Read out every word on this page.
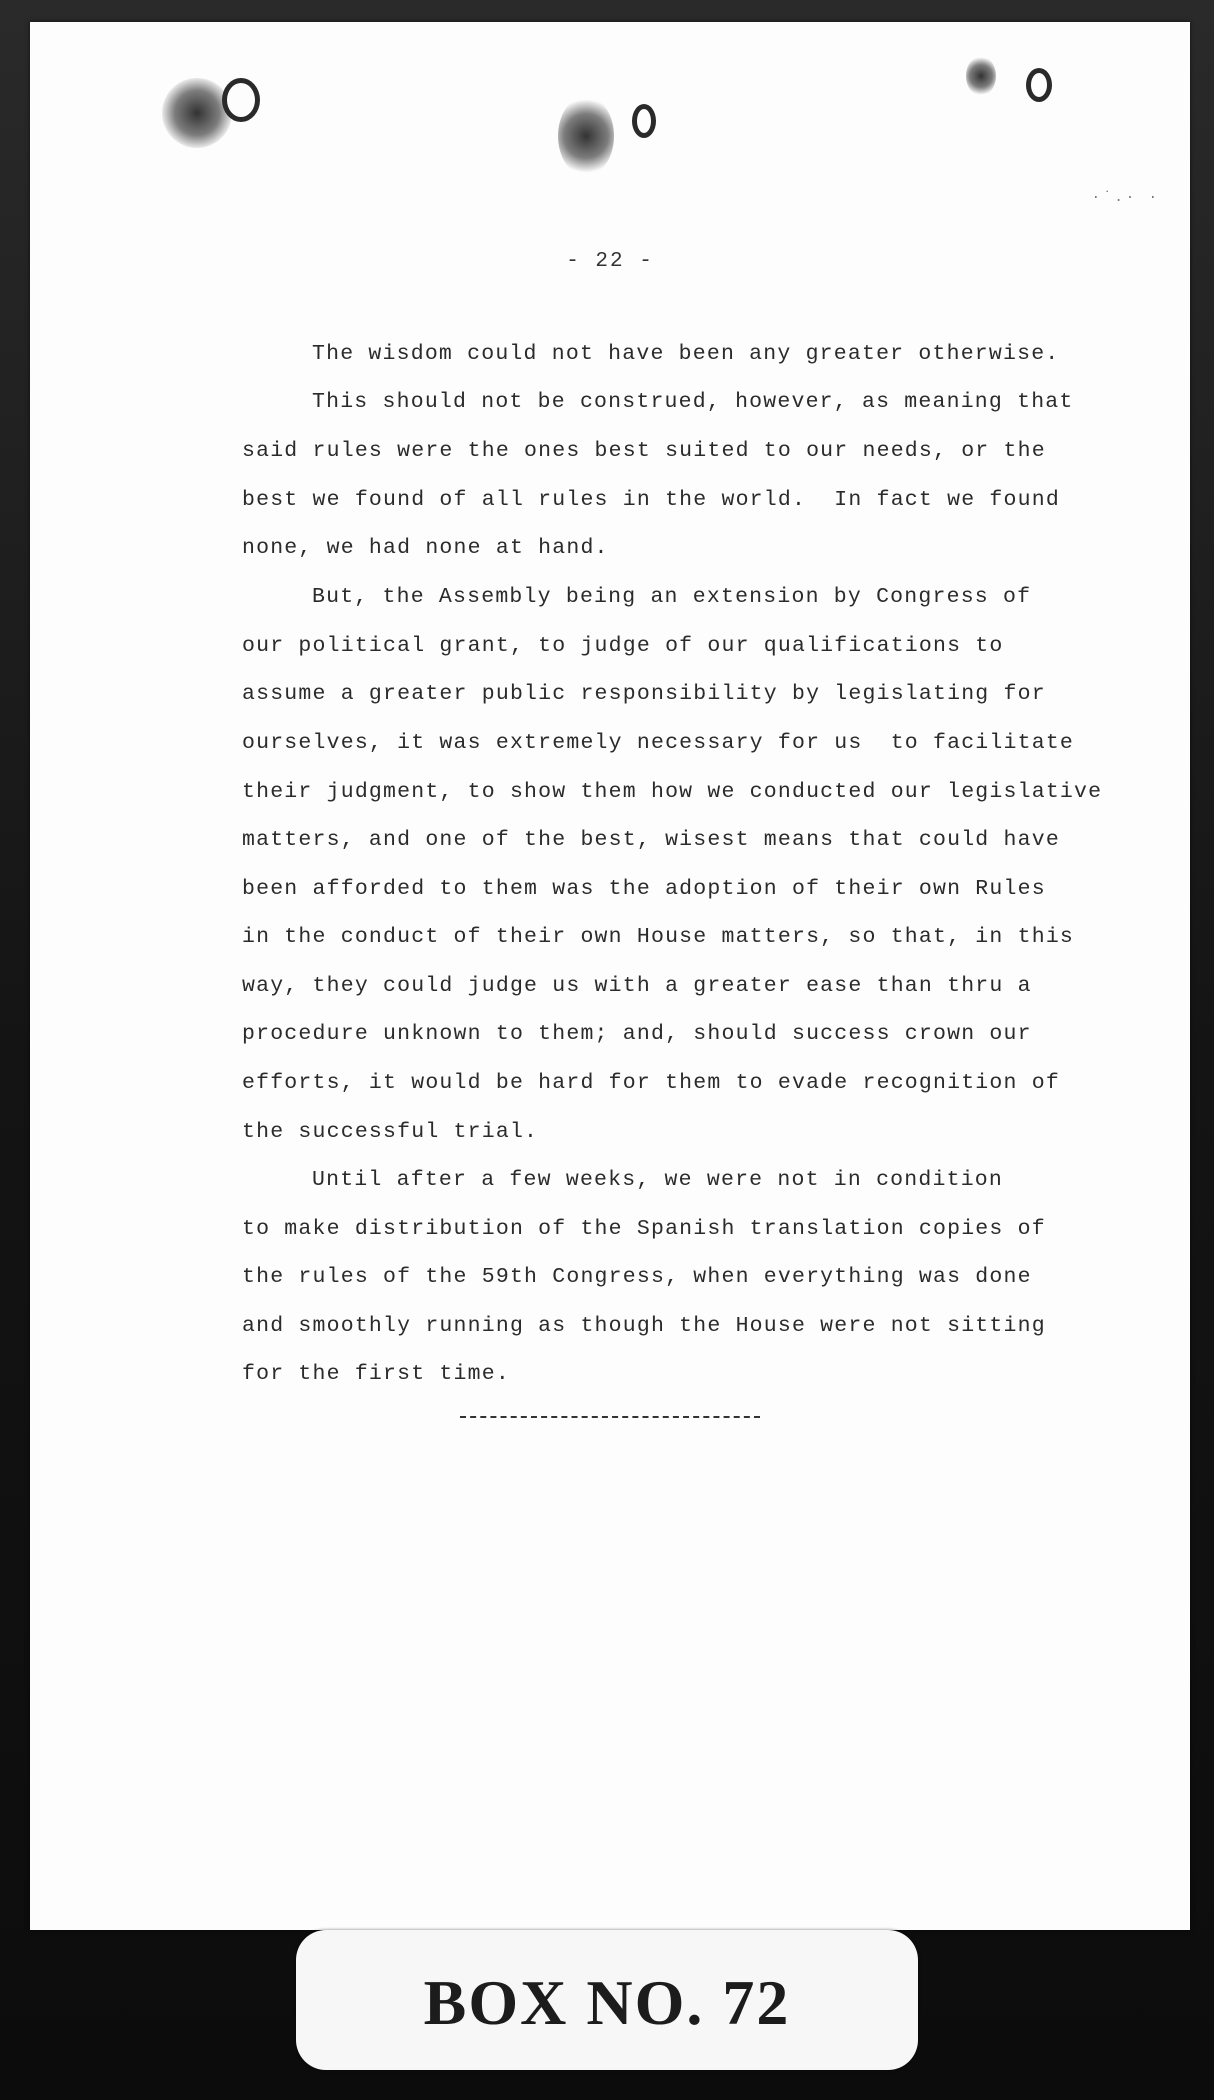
·˙.· ·
- 22 -
The wisdom could not have been any greater otherwise.
This should not be construed, however, as meaning that
said rules were the ones best suited to our needs, or the
best we found of all rules in the world.  In fact we found
none, we had none at hand.
But, the Assembly being an extension by Congress of
our political grant, to judge of our qualifications to
assume a greater public responsibility by legislating for
ourselves, it was extremely necessary for us  to facilitate
their judgment, to show them how we conducted our legislative
matters, and one of the best, wisest means that could have
been afforded to them was the adoption of their own Rules
in the conduct of their own House matters, so that, in this
way, they could judge us with a greater ease than thru a
procedure unknown to them; and, should success crown our
efforts, it would be hard for them to evade recognition of
the successful trial.
Until after a few weeks, we were not in condition
to make distribution of the Spanish translation copies of
the rules of the 59th Congress, when everything was done
and smoothly running as though the House were not sitting
for the first time.
BOX NO. 72
